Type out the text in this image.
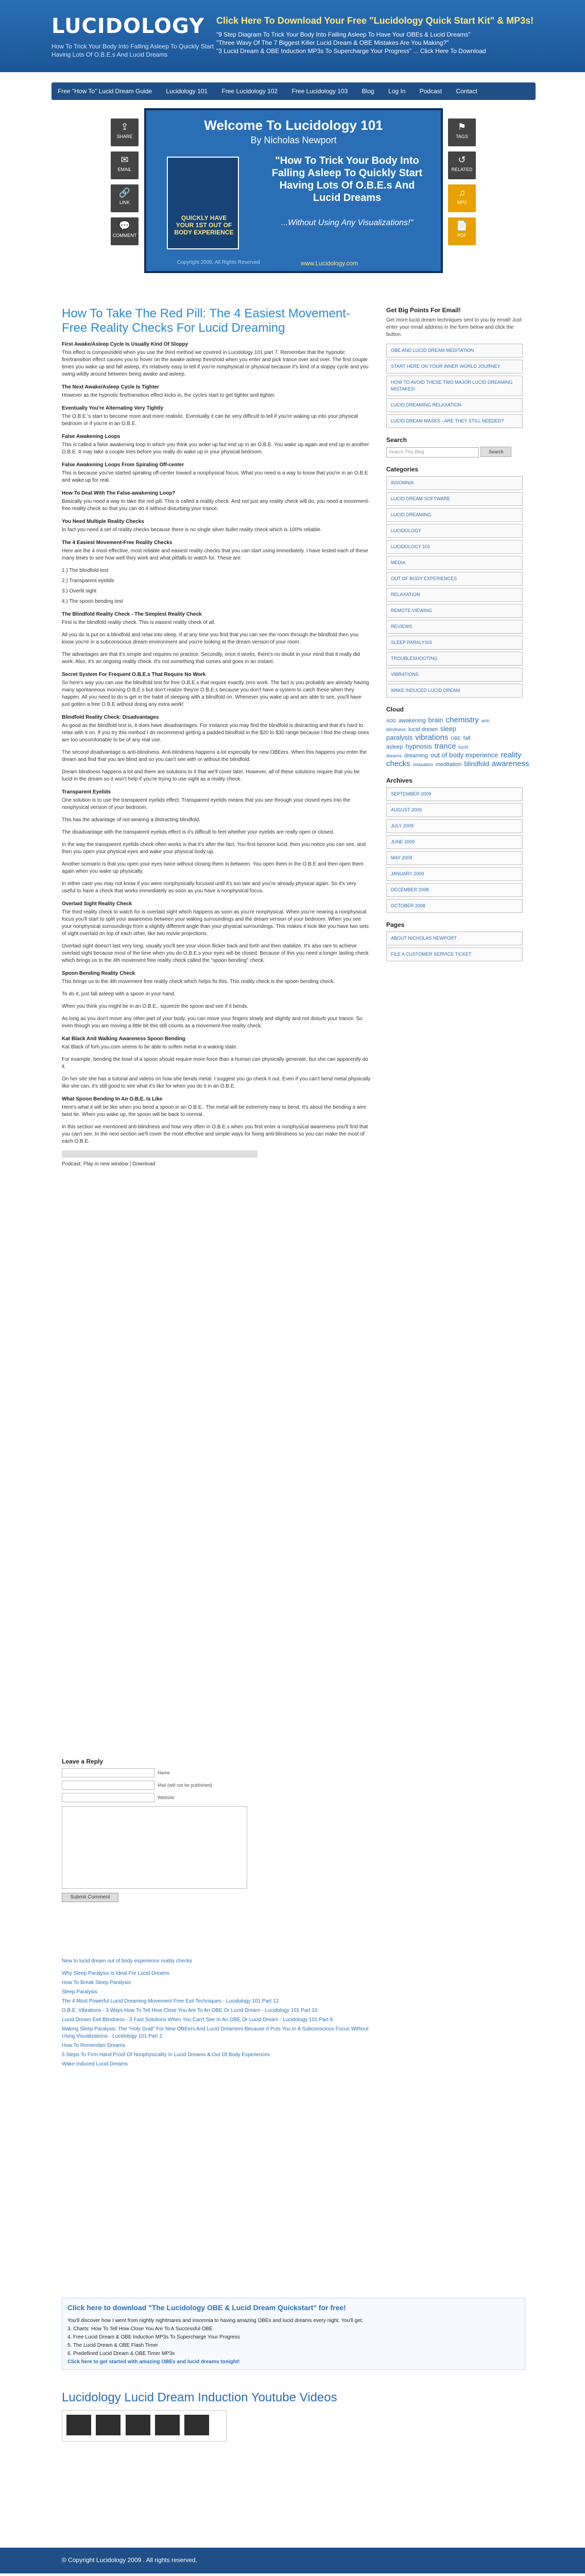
LUCIDOLOGY
How To Trick Your Body Into Falling Asleep To Quickly Start Having Lots Of O.B.E.s And Lucid Dreams
Click Here To Download Your Free "Lucidology Quick Start Kit" & MP3s!
"9 Step Diagram To Trick Your Body Into Falling Asleep To Have Your OBEs & Lucid Dreams"
"Three Wavy Of The 7 Biggest Killer Lucid Dream & OBE Mistakes Are You Making?"
"3 Lucid Dream & OBE Induction MP3s To Supercharge Your Progress" ... Click Here To Download
Free "How To" Lucid Dream Guide Lucidology 101 Free Lucidology 102 Free Lucidology 103 Blog Log In Podcast Contact
⇪
SHARE
✉
EMAIL
🔗
LINK
💬
COMMENT
⚑
TAGS
↺
RELATED
♫
MP3
📄
PDF
Welcome To Lucidology 101
By Nicholas Newport
QUICKLY HAVE YOUR 1ST OUT OF BODY EXPERIENCE
"How To Trick Your Body Into Falling Asleep To Quickly Start Having Lots Of O.B.E.s And Lucid Dreams
...Without Using Any Visualizations!"
Copyright 2009, All Rights Reserved	www.Lucidology.com
How To Take The Red Pill: The 4 Easiest Movement-Free Reality Checks For Lucid Dreaming
First Awake/Asleep Cycle Is Usually Kind Of Sloppy
This effect is compounded when you use the third method we covered in Lucidology 101 part 7. Remember that the hypnotic fire/transition effect causes you to hover on the awake asleep threshold when you enter and pick trance over and over. The first couple times you wake up and fall asleep, it's relatively easy to tell if you're nonphysical or physical because it's kind of a sloppy cycle and you swing wildly around between being awake and asleep.
The Next Awake/Asleep Cycle Is Tighter
However as the hypnotic fire/transition effect kicks in, the cycles start to get tighter and tighter.
Eventually You're Alternating Very Tightly
The O.B.E.'s start to become more and more realistic. Eventually it can be very difficult to tell if you're waking up into your physical bedroom or if you're in an O.B.E.
False Awakening Loops
This is called a false awakening loop in which you think you woke up but end up in an O.B.E. You wake up again and end up in another O.B.E. It may take a couple tries before you really do wake up in your physical bedroom.
False Awakening Loops From Spiraling Off-center
This is because you've started spiraling off-center toward a nonphysical focus. What you need is a way to know that you're in an O.B.E and wake up for real.
How To Deal With The False-awakening Loop?
Basically you need a way to take the red pill. This is called a reality check. And not just any reality check will do, you need a movement-free reality check so that you can do it without disturbing your trance.
You Need Multiple Reality Checks
In fact you need a set of reality checks because there is no single silver bullet reality check which is 100% reliable.
The 4 Easiest Movement-Free Reality Checks
Here are the 4 most effective, most reliable and easiest reality checks that you can start using immediately. I have tested each of these many times to see how well they work and what pitfalls to watch for. These are:
1.) The blindfold test
2.) Transparent eyelids
3.) Overlit sight
4.) The spoon bending test
The Blindfold Reality Check - The Simplest Reality Check
First is the blindfold reality check. This is easiest reality check of all.
All you do is put on a blindfold and relax into sleep. If at any time you find that you can see the room through the blindfold then you know you're in a subconscious dream environment and you're looking at the dream version of your room.
The advantages are that it's simple and requires no practice. Secondly, once it works, there's no doubt in your mind that it really did work. Also, it's an ongoing reality check. It's not something that comes and goes in an instant.
Secret System For Frequent O.B.E.s That Require No Work
So here's way you can use the blindfold test for free O.B.E.s that require exactly zero work. The fact is you probably are already having many spontaneous morning O.B.E.s but don't realize they're O.B.E.s because you don't have a system to catch these when they happen. All you need to do is get in the habit of sleeping with a blindfold on. Whenever you wake up and are able to see, you'll have just gotten a free O.B.E without doing any extra work!
Blindfold Reality Check: Disadvantages
As good as the blindfold test is, it does have disadvantages. For instance you may find the blindfold is distracting and that it's hard to relax with it on. If you try this method I do recommend getting a padded blindfold in the $20 to $30 range because I find the cheap ones are too uncomfortable to be of any real use.
The second disadvantage is anti-blindness. Anti-blindness happens a lot especially for new OBEers. When this happens you enter the dream and find that you are blind and so you can't see with or without the blindfold.
Dream blindness happens a lot and there are solutions to it that we'll cover later. However, all of these solutions require that you be lucid in the dream so it won't help if you're trying to use sight as a reality check.
Transparent Eyelids
One solution is to use the transparent eyelids effect. Transparent eyelids means that you see through your closed eyes into the nonphysical version of your bedroom.
This has the advantage of not wearing a distracting blindfold.
The disadvantage with the transparent eyelids effect is it's difficult to feel whether your eyelids are really open or closed.
In the way the transparent eyelids check often works is that it's after the fact. You first become lucid, then you notice you can see, and then you open your physical eyes and wake your physical body up.
Another scenario is that you open your eyes twice without closing them in between. You open them in the O.B.E and then open them again when you wake up physically.
In either case you may not know if you were nonphysically focused until it's too late and you're already physical again. So it's very useful to have a check that works immediately as soon as you have a nonphysical focus.
Overlaid Sight Reality Check
The third reality check to watch for is overlaid sight which happens as soon as you're nonphysical. When you're nearing a nonphysical focus you'll start to split your awareness between your waking surroundings and the dream version of your bedroom. When you see your nonphysical surroundings from a slightly different angle than your physical surroundings. This makes it look like you have two sets of sight overlaid on top of each other, like two movie projections.
Overlaid sight doesn't last very long, usually you'll see your vision flicker back and forth and then stabilize. It's also rare to achieve overlaid sight because most of the time when you do O.B.E.s your eyes will be closed. Because of this you need a longer lasting check which brings us to the 4th movement free reality check called the "spoon bending" check.
Spoon Bending Reality Check
This brings us to the 4th movement free reality check which helps fix this. This reality check is the spoon bending check.
To do it, just fall asleep with a spoon in your hand.
When you think you might be in an O.B.E., squeeze the spoon and see if it bends.
As long as you don't move any other part of your body, you can move your fingers slowly and slightly and not disturb your trance. So even though you are moving a little bit this still counts as a movement-free reality check.
Kat Black And Walking Awareness Spoon Bending
Kat Black of forh.you.com seems to be able to soften metal in a waking state.
For example, bending the bowl of a spoon should require more force than a human can physically generate, but she can apparently do it.
On her site she has a tutorial and videos on how she bends metal. I suggest you go check it out. Even if you can't bend metal physically like she can, it's still good to see what it's like for when you do it in an O.B.E.
What Spoon Bending In An O.B.E. Is Like
Here's what it will be like when you bend a spoon in an O.B.E.. The metal will be extremely easy to bend. It's about the bending a wire twist tie. When you wake up, the spoon will be back to normal.
In this section we mentioned anti-blindness and how very often in O.B.E.s when you first enter a nonphysical awareness you'll find that you can't see. In the next section we'll cover the most effective and simple ways for fixing anti-blindness so you can make the most of each O.B.E.
Podcast: Play in new window | Download
Get Big Points For Email!
Get more lucid dream techniques sent to you by email! Just enter your email address in the form below and click the button.
OBE AND LUCID DREAM MEDITATION
START HERE ON YOUR INNER WORLD JOURNEY
HOW TO AVOID THESE TWO MAJOR LUCID DREAMING MISTAKES!
LUCID DREAMING RELAXATION
LUCID DREAM MASKS - ARE THEY STILL NEEDED?
Search
Search This Blog	Search
Categories
INSOMNIA
LUCID DREAM SOFTWARE
LUCID DREAMING
LUCIDOLOGY
LUCIDOLOGY 101
MEDIA
OUT OF BODY EXPERIENCES
RELAXATION
REMOTE VIEWING
REVIEWS
SLEEP PARALYSIS
TROUBLESHOOTING
VIBRATIONS
WAKE INDUCED LUCID DREAM
Cloud
ADD awakening brain chemistry anti-blindness lucid dream sleep paralysis vibrations OBE fall asleep hypnosis trance lucid dreams dreaming out of body experience reality checks relaxation meditation blindfold awareness
Archives
SEPTEMBER 2009
AUGUST 2009
JULY 2009
JUNE 2009
MAY 2009
JANUARY 2009
DECEMBER 2008
OCTOBER 2008
Pages
ABOUT NICHOLAS NEWPORT
FILE A CUSTOMER SERVICE TICKET
Leave a Reply
Name
Mail (will not be published)
Website
Submit Comment
New to lucid dream out of body experience reality checks
Why Sleep Paralysis Is Ideal For Lucid Dreams
How To Break Sleep Paralysis
Sleep Paralysis
The 4 Most Powerful Lucid Dreaming Movement Free Exit Techniques - Lucidology 101 Part 12
O.B.E. Vibrations - 3 Ways How To Tell How Close You Are To An OBE Or Lucid Dream - Lucidology 101 Part 10
Lucid Dream Exit Blindness - 3 Fast Solutions When You Can't See In An OBE Or Lucid Dream - Lucidology 101 Part 9
Making Sleep Paralysis: The "Holy Grail" For New OBEers And Lucid Dreamers Because It Puts You In A Subconscious Focus Without Using Visualizations - Lucidology 101 Part 2
How To Remember Dreams
5 Steps To Firm Hand Proof Of Nonphysicality In Lucid Dreams & Out Of Body Experiences
Wake Induced Lucid Dreams
Click here to download "The Lucidology OBE & Lucid Dream Quickstart" for free!
You'll discover how I went from nightly nightmares and insomnia to having amazing OBEs and lucid dreams every night. You'll get:
3. Charts: How To Tell How Close You Are To A Successful OBE
4. Free Lucid Dream & OBE Induction MP3s To Supercharge Your Progress
5. The Lucid Dream & OBE Flash Timer
6. Predefined Lucid Dream & OBE Timer MP3s
Click here to get started with amazing OBEs and lucid dreams tonight!
Lucidology Lucid Dream Induction Youtube Videos

© Copyright Lucidology 2009 . All rights reserved.
